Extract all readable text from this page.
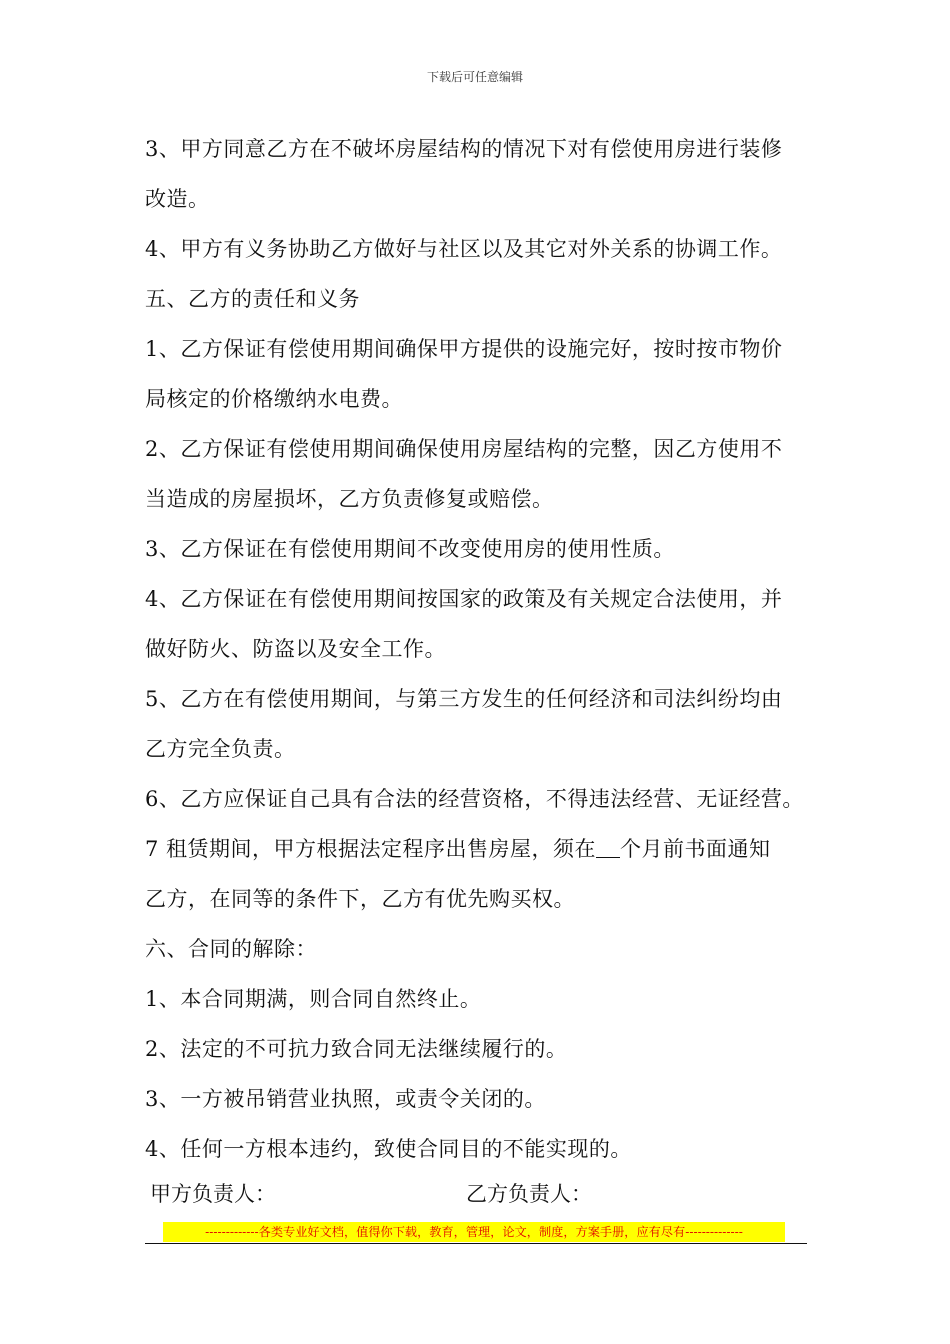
下载后可任意编辑
3、甲方同意乙方在不破坏房屋结构的情况下对有偿使用房进行装修
改造。
4、甲方有义务协助乙方做好与社区以及其它对外关系的协调工作。
五、乙方的责任和义务
1、乙方保证有偿使用期间确保甲方提供的设施完好，按时按市物价
局核定的价格缴纳水电费。
2、乙方保证有偿使用期间确保使用房屋结构的完整，因乙方使用不
当造成的房屋损坏，乙方负责修复或赔偿。
3、乙方保证在有偿使用期间不改变使用房的使用性质。
4、乙方保证在有偿使用期间按国家的政策及有关规定合法使用，并
做好防火、防盗以及安全工作。
5、乙方在有偿使用期间，与第三方发生的任何经济和司法纠纷均由
乙方完全负责。
6、乙方应保证自己具有合法的经营资格，不得违法经营、无证经营。
7 租赁期间，甲方根据法定程序出售房屋，须在 个月前书面通知
乙方，在同等的条件下，乙方有优先购买权。
六、合同的解除：
1、本合同期满，则合同自然终止。
2、法定的不可抗力致合同无法继续履行的。
3、一方被吊销营业执照，或责令关闭的。
4、任何一方根本违约，致使合同目的不能实现的。
甲方负责人：	乙方负责人：
-------------各类专业好文档，值得你下载，教育，管理，论文，制度，方案手册，应有尽有--------------
